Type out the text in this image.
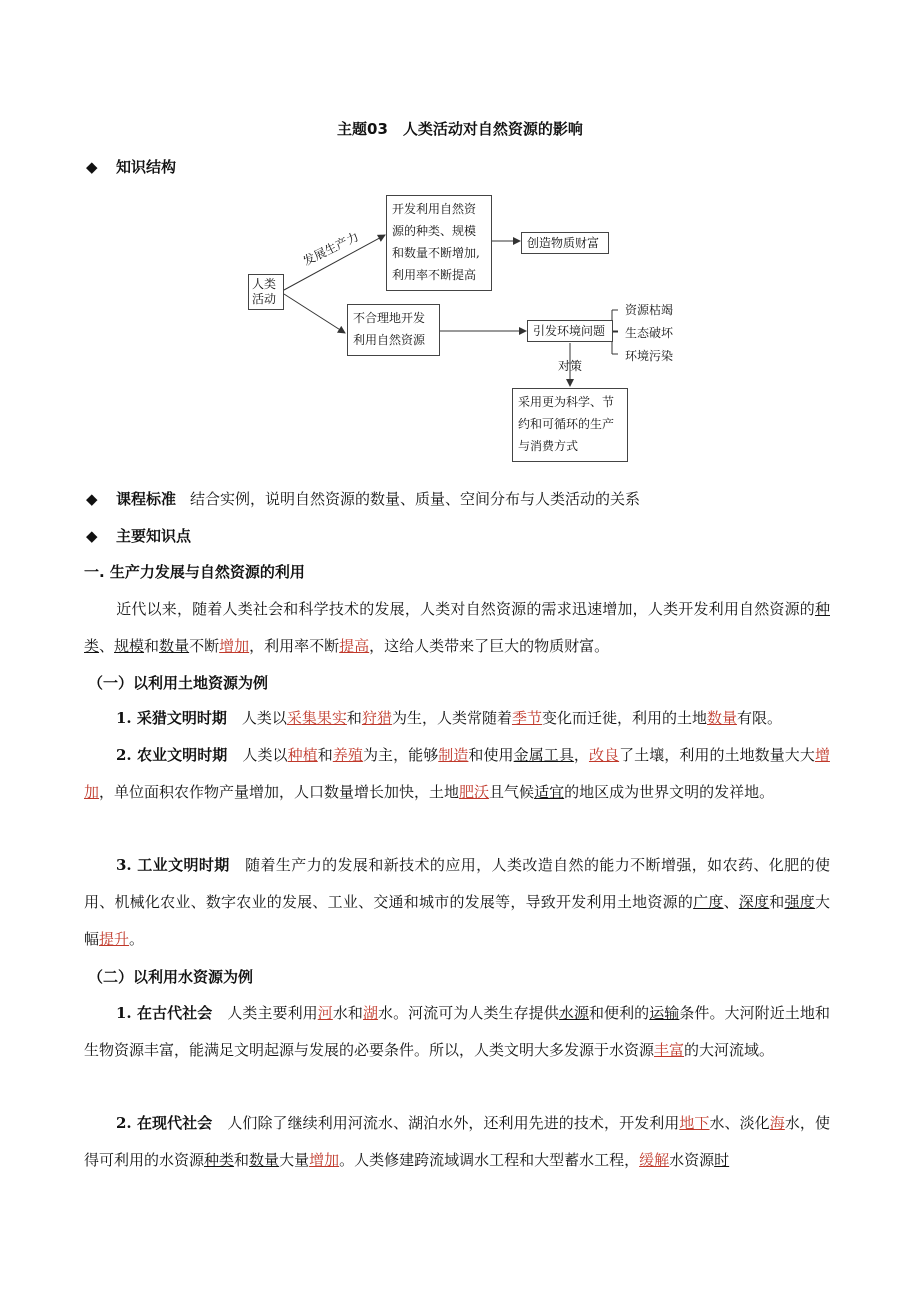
主题03　人类活动对自然资源的影响
◆ 知识结构
人类活动
发展生产力
开发利用自然资
源的种类、规模
和数量不断增加,
利用率不断提高
创造物质财富
不合理地开发
利用自然资源
引发环境问题
资源枯竭
生态破坏
环境污染
对策
采用更为科学、节
约和可循环的生产
与消费方式
◆ 课程标准 结合实例，说明自然资源的数量、质量、空间分布与人类活动的关系
◆ 主要知识点
一. 生产力发展与自然资源的利用
近代以来，随着人类社会和科学技术的发展，人类对自然资源的需求迅速增加，人类开发利用自然资源的种类、规模和数量不断增加，利用率不断提高，这给人类带来了巨大的物质财富。
（一）以利用土地资源为例
1. 采猎文明时期　人类以采集果实和狩猎为生，人类常随着季节变化而迁徙，利用的土地数量有限。
2. 农业文明时期　人类以种植和养殖为主，能够制造和使用金属工具，改良了土壤，利用的土地数量大大增加，单位面积农作物产量增加，人口数量增长加快，土地肥沃且气候适宜的地区成为世界文明的发祥地。
3. 工业文明时期　随着生产力的发展和新技术的应用，人类改造自然的能力不断增强，如农药、化肥的使用、机械化农业、数字农业的发展、工业、交通和城市的发展等，导致开发利用土地资源的广度、深度和强度大幅提升。
（二）以利用水资源为例
1. 在古代社会　人类主要利用河水和湖水。河流可为人类生存提供水源和便利的运输条件。大河附近土地和生物资源丰富，能满足文明起源与发展的必要条件。所以，人类文明大多发源于水资源丰富的大河流域。
2. 在现代社会　人们除了继续利用河流水、湖泊水外，还利用先进的技术，开发利用地下水、淡化海水，使得可利用的水资源种类和数量大量增加。人类修建跨流域调水工程和大型蓄水工程，缓解水资源时
